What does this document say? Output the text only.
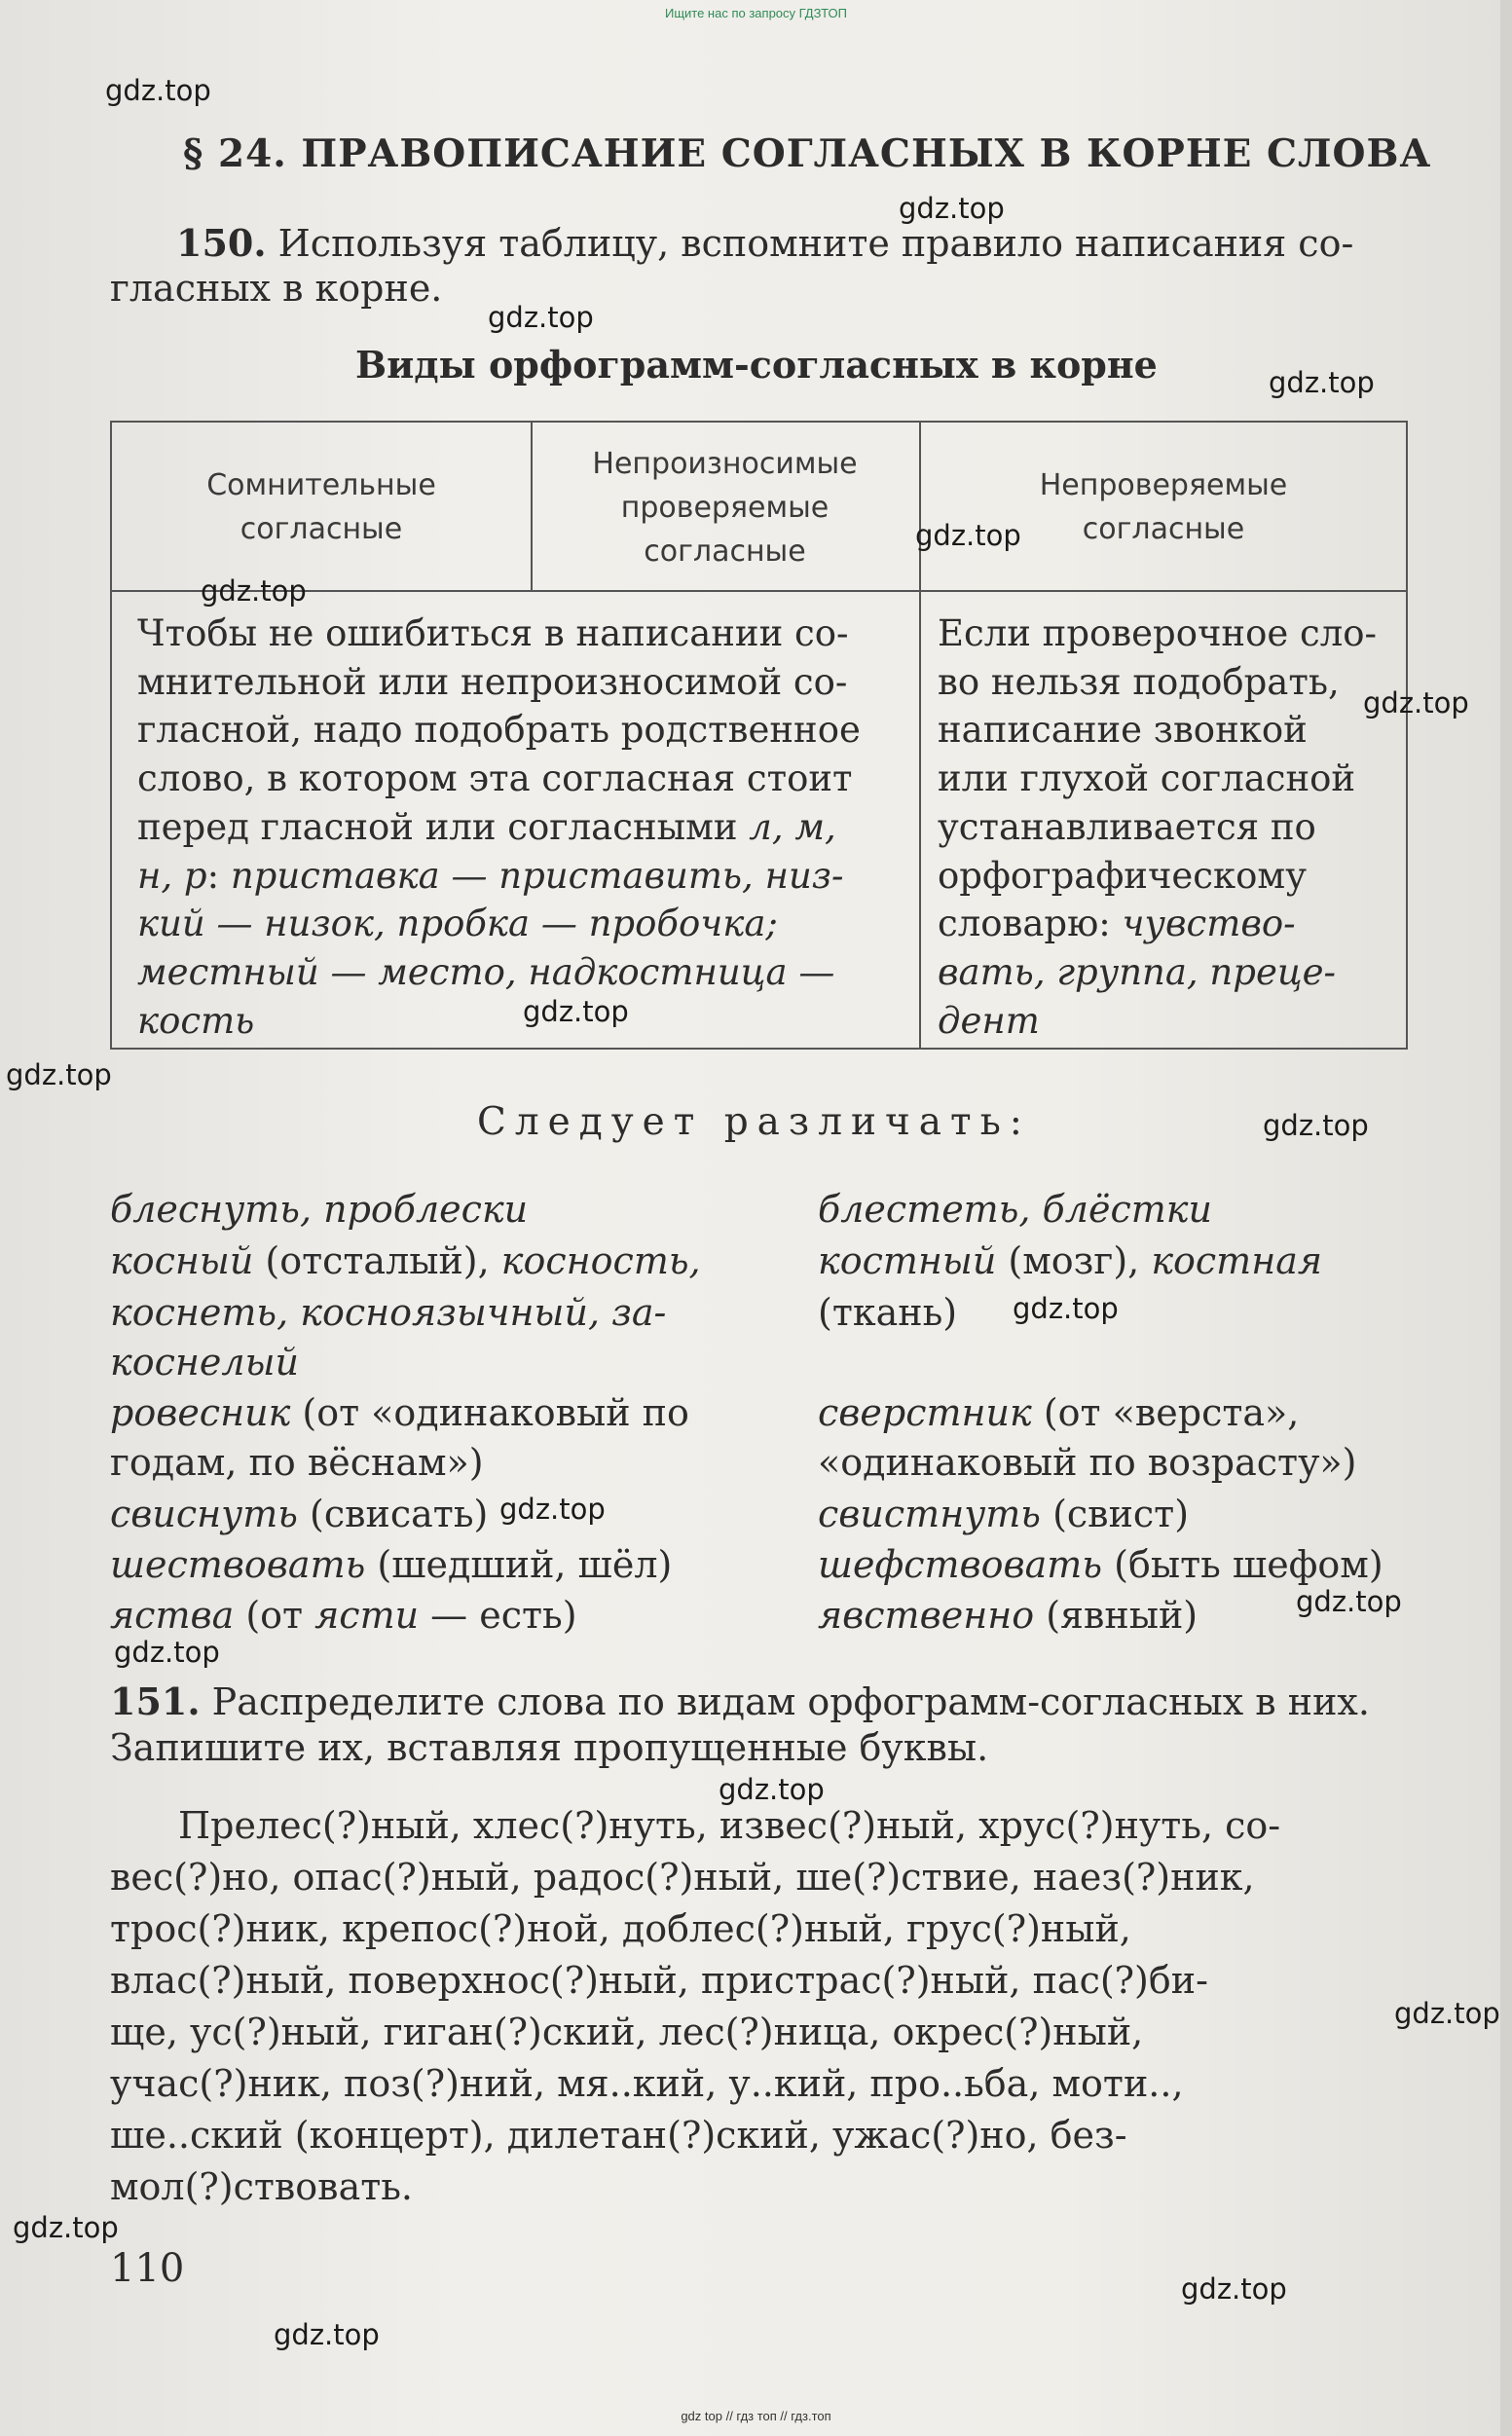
Ищите нас по запросу ГДЗТОП
§ 24. ПРАВОПИСАНИЕ СОГЛАСНЫХ В КОРНЕ СЛОВА
150. Используя таблицу, вспомните правило написания со-
гласных в корне.
Виды орфограмм-согласных в корне
Сомнительные
согласные
Непроизносимые
проверяемые
согласные
Непроверяемые
согласные
Чтобы не ошибиться в написании со-
мнительной или непроизносимой со-
гласной, надо подобрать родственное
слово, в котором эта согласная стоит
перед гласной или согласными л, м,
н, р: приставка — приставить, низ-
кий — низок, пробка — пробочка;
местный — место, надкостница —
кость
Если проверочное сло-
во нельзя подобрать,
написание звонкой
или глухой согласной
устанавливается по
орфографическому
словарю: чувство-
вать, группа, преце-
дент
Следует различать:
блеснуть, проблески
косный (отсталый), косность,
коснеть, косноязычный, за-
коснелый
ровесник (от «одинаковый по
годам, по вёснам»)
свиснуть (свисать)
шествовать (шедший, шёл)
яства (от ясти — есть)
блестеть, блёстки
костный (мозг), костная
(ткань)
сверстник (от «верста»,
«одинаковый по возрасту»)
свистнуть (свист)
шефствовать (быть шефом)
явственно (явный)
151. Распределите слова по видам орфограмм-согласных в них.
Запишите их, вставляя пропущенные буквы.
Прелес(?)ный, хлес(?)нуть, извес(?)ный, хрус(?)нуть, со-
вес(?)но, опас(?)ный, радос(?)ный, ше(?)ствие, наез(?)ник,
трос(?)ник, крепос(?)ной, доблес(?)ный, грус(?)ный,
влас(?)ный, поверхнос(?)ный, пристрас(?)ный, пас(?)би-
ще, ус(?)ный, гиган(?)ский, лес(?)ница, окрес(?)ный,
учас(?)ник, поз(?)ний, мя..кий, у..кий, про..ьба, моти..,
ше..ский (концерт), дилетан(?)ский, ужас(?)но, без-
мол(?)ствовать.
110
gdz.top
gdz.top
gdz.top
gdz.top
gdz.top
gdz.top
gdz.top
gdz.top
gdz.top
gdz.top
gdz.top
gdz.top
gdz.top
gdz.top
gdz.top
gdz.top
gdz.top
gdz.top
gdz.top
gdz top // гдз топ // гдз.топ
